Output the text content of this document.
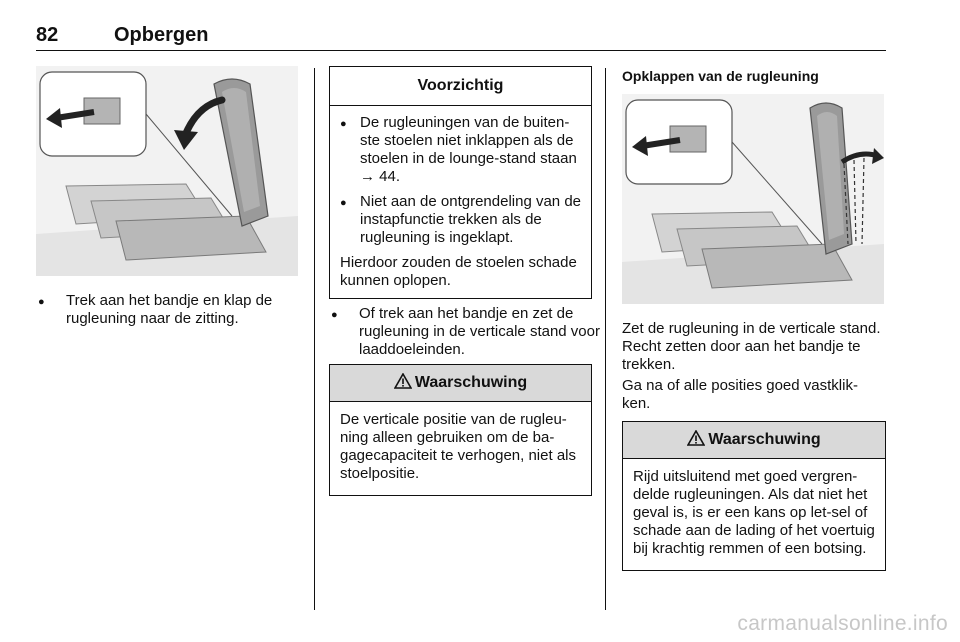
82	Opbergen
Trek aan het bandje en klap de rugleuning naar de zitting.
Voorzichtig
● De rugleuningen van de buiten-ste stoelen niet inklappen als de stoelen in de lounge-stand staan → 44.
● Niet aan de ontgrendeling van de instapfunctie trekken als de rugleuning is ingeklapt.
Hierdoor zouden de stoelen schade kunnen oplopen.
Of trek aan het bandje en zet de rugleuning in de verticale stand voor laaddoeleinden.
Waarschuwing
De verticale positie van de rugleu-ning alleen gebruiken om de ba-gagecapaciteit te verhogen, niet als stoelpositie.
Opklappen van de rugleuning
Zet de rugleuning in de verticale stand. Recht zetten door aan het bandje te trekken.
Ga na of alle posities goed vastklik-ken.
Waarschuwing
Rijd uitsluitend met goed vergren-delde rugleuningen. Als dat niet het geval is, is er een kans op let-sel of schade aan de lading of het voertuig bij krachtig remmen of een botsing.
carmanualsonline.info
